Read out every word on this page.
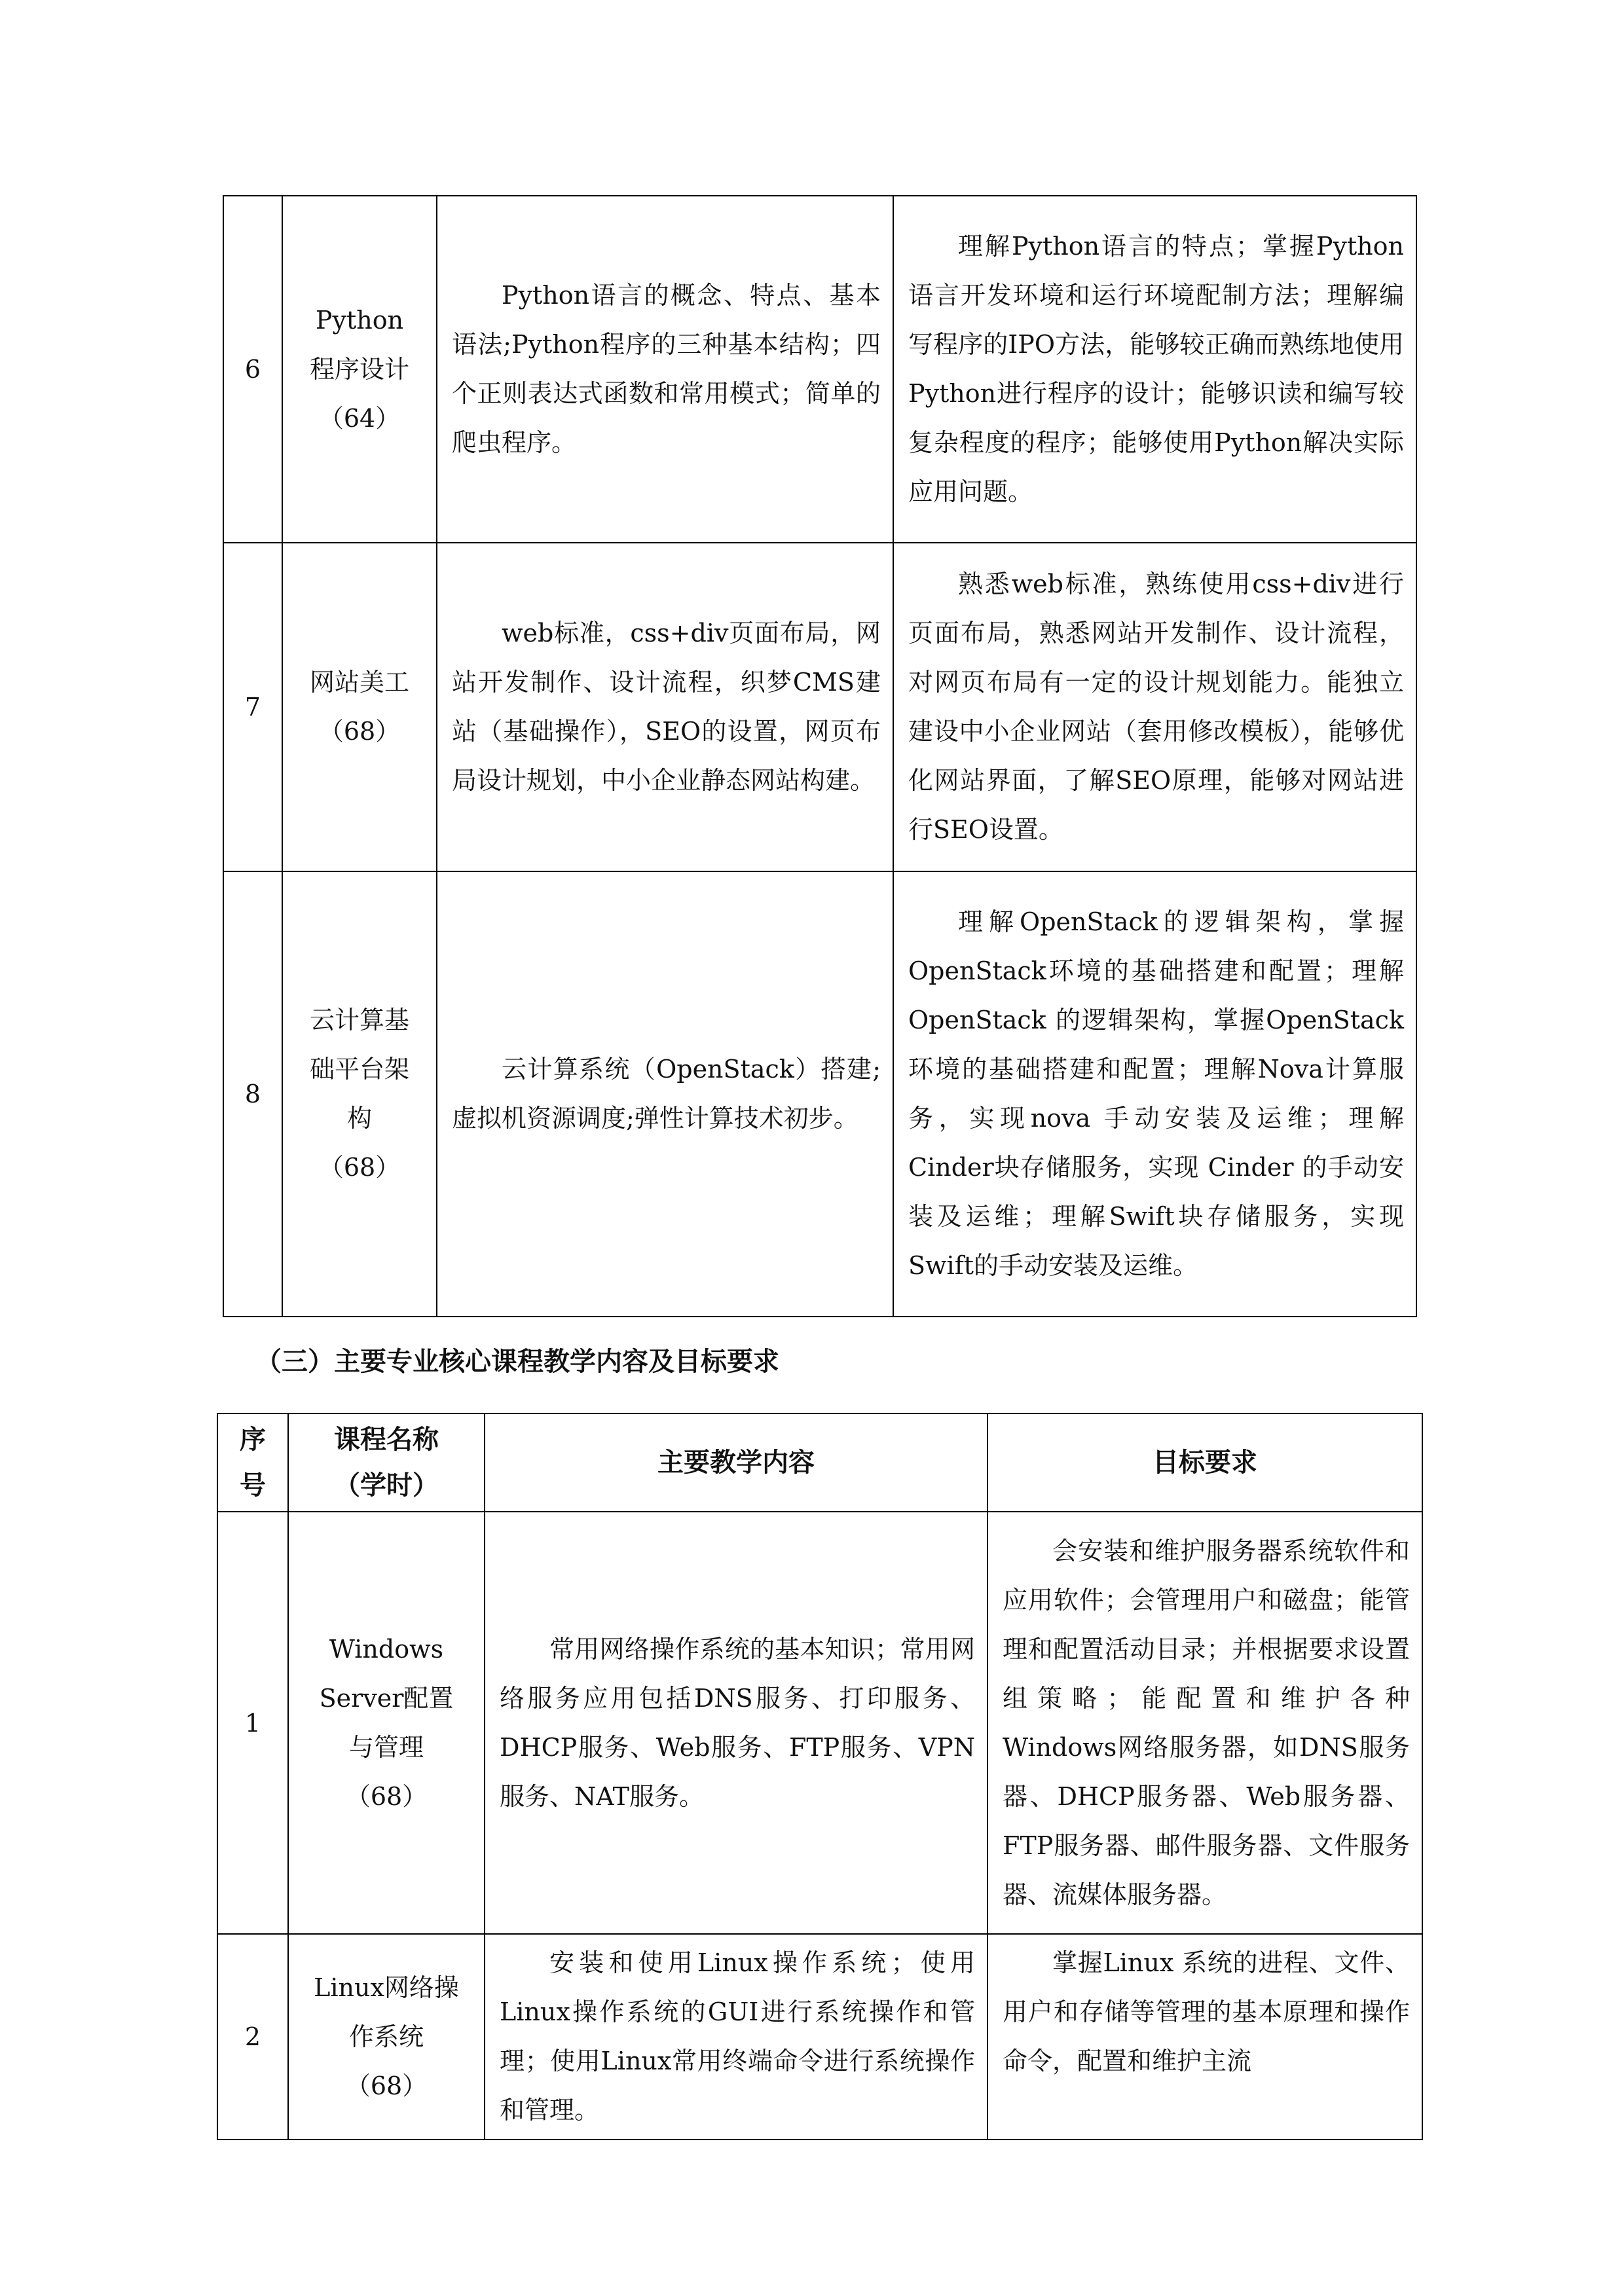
6	Python
程序设计
（64）	Python语言的概念、特点、基本语法;Python程序的三种基本结构；四个正则表达式函数和常用模式；简单的爬虫程序。	理解Python语言的特点；掌握Python语言开发环境和运行环境配制方法；理解编写程序的IPO方法，能够较正确而熟练地使用Python进行程序的设计；能够识读和编写较复杂程度的程序；能够使用Python解决实际应用问题。

7	网站美工
（68）	web标准，css+div页面布局，网站开发制作、设计流程，织梦CMS建站（基础操作），SEO的设置，网页布局设计规划，中小企业静态网站构建。	熟悉web标准，熟练使用css+div进行页面布局，熟悉网站开发制作、设计流程，对网页布局有一定的设计规划能力。能独立建设中小企业网站（套用修改模板），能够优化网站界面，了解SEO原理，能够对网站进行SEO设置。

8	云计算基
础平台架
构
（68）	云计算系统（OpenStack）搭建;虚拟机资源调度;弹性计算技术初步。	理解OpenStack的逻辑架构，掌握OpenStack环境的基础搭建和配置；理解 OpenStack 的逻辑架构，掌握OpenStack环境的基础搭建和配置；理解Nova计算服务，实现nova 手动安装及运维；理解Cinder块存储服务，实现 Cinder 的手动安装及运维；理解Swift块存储服务，实现Swift的手动安装及运维。

（三）主要专业核心课程教学内容及目标要求
序
号	课程名称
（学时）	主要教学内容	目标要求
1	Windows
Server配置
与管理
（68）	常用网络操作系统的基本知识；常用网络服务应用包括DNS服务、打印服务、DHCP服务、Web服务、FTP服务、VPN服务、NAT服务。	会安装和维护服务器系统软件和应用软件；会管理用户和磁盘；能管理和配置活动目录；并根据要求设置组策略；能配置和维护各种Windows网络服务器，如DNS服务器、DHCP服务器、Web服务器、FTP服务器、邮件服务器、文件服务器、流媒体服务器。

2	Linux网络操
作系统
（68）	安装和使用Linux操作系统；使用Linux操作系统的GUI进行系统操作和管理；使用Linux常用终端命令进行系统操作和管理。	掌握Linux 系统的进程、文件、用户和存储等管理的基本原理和操作命令，配置和维护主流
